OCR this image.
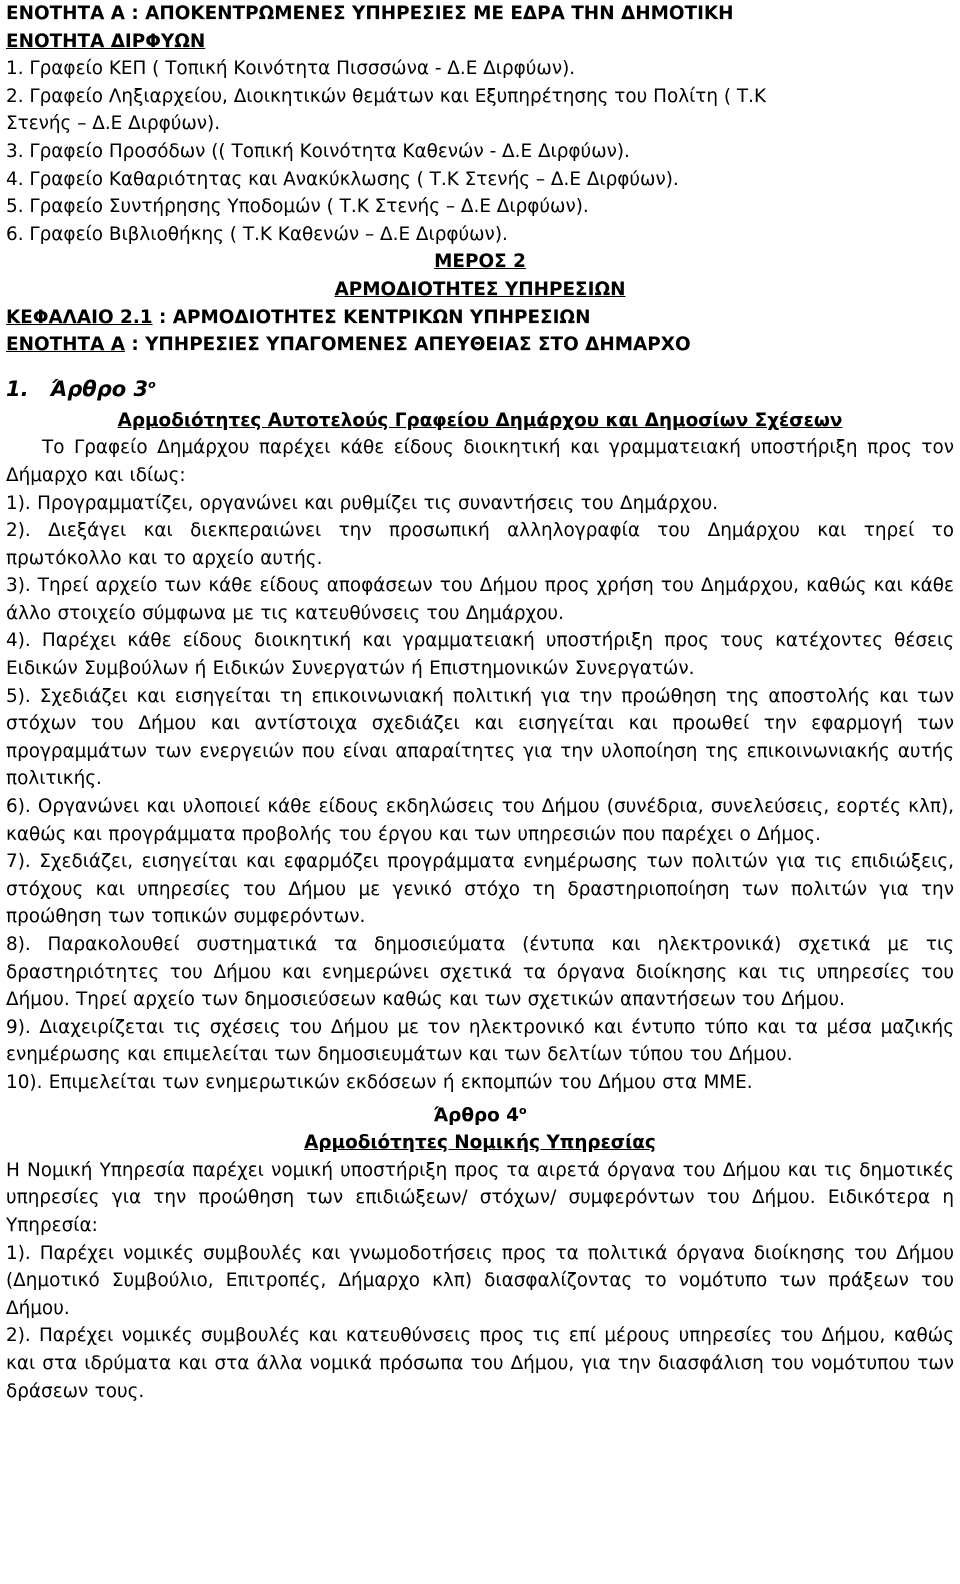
ΕΝΟΤΗΤΑ Α : ΑΠΟΚΕΝΤΡΩΜΕΝΕΣ ΥΠΗΡΕΣΙΕΣ ΜΕ ΕΔΡΑ ΤΗΝ ΔΗΜΟΤΙΚΗ
ΕΝΟΤΗΤΑ ΔΙΡΦΥΩΝ
1. Γραφείο ΚΕΠ ( Τοπική Κοινότητα Πισσσώνα - Δ.Ε Διρφύων).
2. Γραφείο Ληξιαρχείου, Διοικητικών θεμάτων και Εξυπηρέτησης του Πολίτη ( Τ.Κ
Στενής – Δ.Ε Διρφύων).
3. Γραφείο Προσόδων (( Τοπική Κοινότητα Καθενών - Δ.Ε Διρφύων).
4. Γραφείο Καθαριότητας και Ανακύκλωσης ( Τ.Κ Στενής – Δ.Ε Διρφύων).
5. Γραφείο Συντήρησης Υποδομών ( Τ.Κ Στενής – Δ.Ε Διρφύων).
6. Γραφείο Βιβλιοθήκης ( Τ.Κ Καθενών – Δ.Ε Διρφύων).
ΜΕΡΟΣ 2
ΑΡΜΟΔΙΟΤΗΤΕΣ ΥΠΗΡΕΣΙΩΝ
ΚΕΦΑΛΑΙΟ 2.1 : ΑΡΜΟΔΙΟΤΗΤΕΣ ΚΕΝΤΡΙΚΩΝ ΥΠΗΡΕΣΙΩΝ
ΕΝΟΤΗΤΑ Α : ΥΠΗΡΕΣΙΕΣ ΥΠΑΓΟΜΕΝΕΣ ΑΠΕΥΘΕΙΑΣ ΣΤΟ ΔΗΜΑΡΧΟ
1. Άρθρο $3^o$
Αρμοδιότητες Αυτοτελούς Γραφείου Δημάρχου και Δημοσίων Σχέσεων
Το Γραφείο Δημάρχου παρέχει κάθε είδους διοικητική και γραμματειακή υποστήριξη προς τον Δήμαρχο και ιδίως:
1). Προγραμματίζει, οργανώνει και ρυθμίζει τις συναντήσεις του Δημάρχου.
2). Διεξάγει και διεκπεραιώνει την προσωπική αλληλογραφία του Δημάρχου και τηρεί το πρωτόκολλο και το αρχείο αυτής.
3). Τηρεί αρχείο των κάθε είδους αποφάσεων του Δήμου προς χρήση του Δημάρχου, καθώς και κάθε άλλο στοιχείο σύμφωνα με τις κατευθύνσεις του Δημάρχου.
4). Παρέχει κάθε είδους διοικητική και γραμματειακή υποστήριξη προς τους κατέχοντες θέσεις Ειδικών Συμβούλων ή Ειδικών Συνεργατών ή Επιστημονικών Συνεργατών.
5). Σχεδιάζει και εισηγείται τη επικοινωνιακή πολιτική για την προώθηση της αποστολής και των στόχων του Δήμου και αντίστοιχα σχεδιάζει και εισηγείται και προωθεί την εφαρμογή των προγραμμάτων των ενεργειών που είναι απαραίτητες για την υλοποίηση της επικοινωνιακής αυτής πολιτικής.
6). Οργανώνει και υλοποιεί κάθε είδους εκδηλώσεις του Δήμου (συνέδρια, συνελεύσεις, εορτές κλπ), καθώς και προγράμματα προβολής του έργου και των υπηρεσιών που παρέχει ο Δήμος.
7). Σχεδιάζει, εισηγείται και εφαρμόζει προγράμματα ενημέρωσης των πολιτών για τις επιδιώξεις, στόχους και υπηρεσίες του Δήμου με γενικό στόχο τη δραστηριοποίηση των πολιτών για την προώθηση των τοπικών συμφερόντων.
8). Παρακολουθεί συστηματικά τα δημοσιεύματα (έντυπα και ηλεκτρονικά) σχετικά με τις δραστηριότητες του Δήμου και ενημερώνει σχετικά τα όργανα διοίκησης και τις υπηρεσίες του Δήμου. Τηρεί αρχείο των δημοσιεύσεων καθώς και των σχετικών απαντήσεων του Δήμου.
9). Διαχειρίζεται τις σχέσεις του Δήμου με τον ηλεκτρονικό και έντυπο τύπο και τα μέσα μαζικής ενημέρωσης και επιμελείται των δημοσιευμάτων και των δελτίων τύπου του Δήμου.
10). Επιμελείται των ενημερωτικών εκδόσεων ή εκπομπών του Δήμου στα ΜΜΕ.
Άρθρο $4^o$
Αρμοδιότητες Νομικής Υπηρεσίας
Η Νομική Υπηρεσία παρέχει νομική υποστήριξη προς τα αιρετά όργανα του Δήμου και τις δημοτικές υπηρεσίες για την προώθηση των επιδιώξεων/ στόχων/ συμφερόντων του Δήμου. Ειδικότερα η Υπηρεσία:
1). Παρέχει νομικές συμβουλές και γνωμοδοτήσεις προς τα πολιτικά όργανα διοίκησης του Δήμου (Δημοτικό Συμβούλιο, Επιτροπές, Δήμαρχο κλπ) διασφαλίζοντας το νομότυπο των πράξεων του Δήμου.
2). Παρέχει νομικές συμβουλές και κατευθύνσεις προς τις επί μέρους υπηρεσίες του Δήμου, καθώς και στα ιδρύματα και στα άλλα νομικά πρόσωπα του Δήμου, για την διασφάλιση του νομότυπου των δράσεων τους.
